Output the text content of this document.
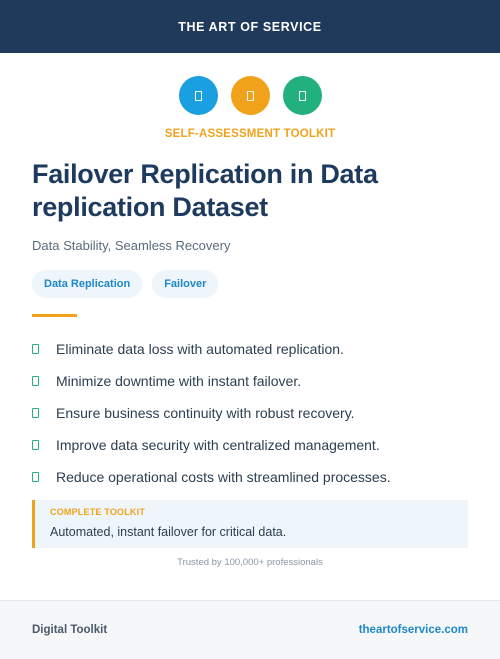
THE ART OF SERVICE
SELF-ASSESSMENT TOOLKIT
Failover Replication in Data replication Dataset
Data Stability, Seamless Recovery
Data Replication	Failover
Eliminate data loss with automated replication.
Minimize downtime with instant failover.
Ensure business continuity with robust recovery.
Improve data security with centralized management.
Reduce operational costs with streamlined processes.
COMPLETE TOOLKIT
Automated, instant failover for critical data.
Trusted by 100,000+ professionals
Digital Toolkit	theartofservice.com
